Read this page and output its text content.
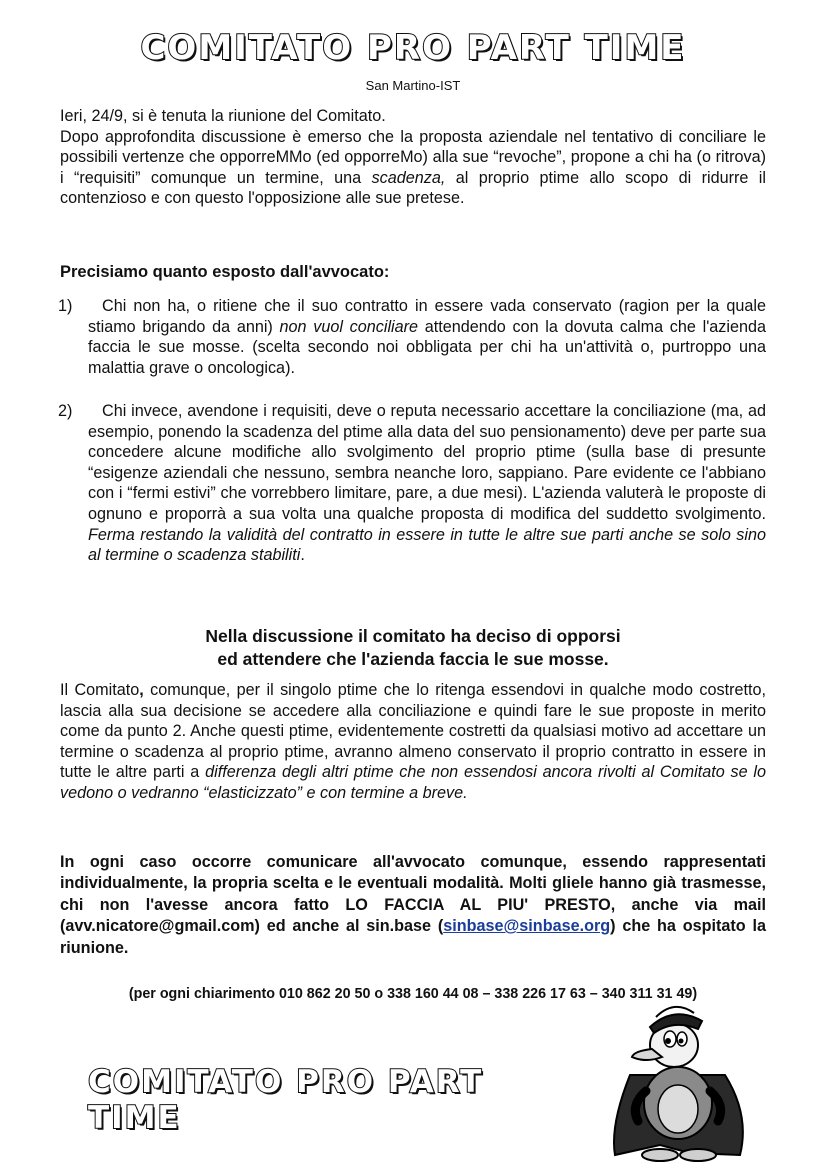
COMITATO PRO PART TIME
San Martino-IST

Ieri, 24/9, si è tenuta la riunione del Comitato.

Dopo approfondita discussione è emerso che la proposta aziendale nel tentativo di conciliare le possibili vertenze che opporreMMo (ed opporreMo) alla sue “revoche”, propone a chi ha (o ritrova) i “requisiti” comunque un termine, una scadenza, al proprio ptime allo scopo di ridurre il contenzioso e con questo l'opposizione alle sue pretese.

Precisiamo quanto esposto dall'avvocato:

1) Chi non ha, o ritiene che il suo contratto in essere vada conservato (ragion per la quale stiamo brigando da anni) non vuol conciliare attendendo con la dovuta calma che l'azienda faccia le sue mosse. (scelta secondo noi obbligata per chi ha un'attività o, purtroppo una malattia grave o oncologica).

2) Chi invece, avendone i requisiti, deve o reputa necessario accettare la conciliazione (ma, ad esempio, ponendo la scadenza del ptime alla data del suo pensionamento) deve per parte sua concedere alcune modifiche allo svolgimento del proprio ptime (sulla base di presunte “esigenze aziendali che nessuno, sembra neanche loro, sappiano. Pare evidente ce l'abbiano con i “fermi estivi” che vorrebbero limitare, pare, a due mesi). L'azienda valuterà le proposte di ognuno e proporrà a sua volta una qualche proposta di modifica del suddetto svolgimento. Ferma restando la validità del contratto in essere in tutte le altre sue parti anche se solo sino al termine o scadenza stabiliti.

Nella discussione il comitato ha deciso di opporsi
ed attendere che l'azienda faccia le sue mosse.
Il Comitato, comunque, per il singolo ptime che lo ritenga essendovi in qualche modo costretto, lascia alla sua decisione se accedere alla conciliazione e quindi fare le sue proposte in merito come da punto 2. Anche questi ptime, evidentemente costretti da qualsiasi motivo ad accettare un termine o scadenza al proprio ptime, avranno almeno conservato il proprio contratto in essere in tutte le altre parti a differenza degli altri ptime che non essendosi ancora rivolti al Comitato se lo vedono o vedranno “elasticizzato” e con termine a breve.
In ogni caso occorre comunicare all'avvocato comunque, essendo rappresentati individualmente, la propria scelta e le eventuali modalità. Molti gliele hanno già trasmesse, chi non l'avesse ancora fatto LO FACCIA AL PIU' PRESTO, anche via mail (avv.nicatore@gmail.com) ed anche al sin.base (sinbase@sinbase.org) che ha ospitato la riunione.
(per ogni chiarimento 010 862 20 50 o 338 160 44 08 – 338 226 17 63 – 340 311 31 49)
COMITATO PRO PART TIME
